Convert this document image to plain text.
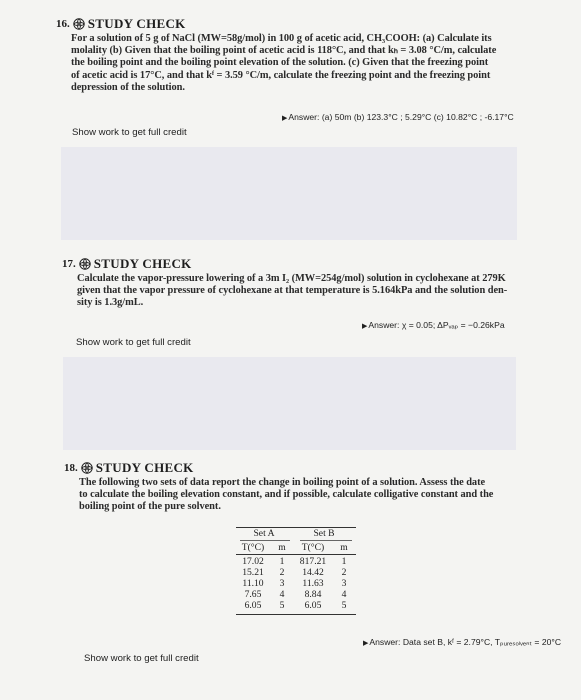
16. STUDY CHECK
For a solution of 5 g of NaCl (MW=58g/mol) in 100 g of acetic acid, CH₃COOH: (a) Calculate its
molality (b) Given that the boiling point of acetic acid is 118°C, and that kₕ = 3.08 °C/m, calculate
the boiling point and the boiling point elevation of the solution. (c) Given that the freezing point
of acetic acid is 17°C, and that kᶠ = 3.59 °C/m, calculate the freezing point and the freezing point
depression of the solution.
▶Answer: (a) 50m (b) 123.3°C ; 5.29°C (c) 10.82°C ; -6.17°C
Show work to get full credit
17. STUDY CHECK
Calculate the vapor-pressure lowering of a 3m I₂ (MW=254g/mol) solution in cyclohexane at 279K
given that the vapor pressure of cyclohexane at that temperature is 5.164kPa and the solution den-
sity is 1.3g/mL.
▶Answer: χ = 0.05; ΔPᵥₐₚ = −0.26kPa
Show work to get full credit
18. STUDY CHECK
The following two sets of data report the change in boiling point of a solution. Assess the date
to calculate the boiling elevation constant, and if possible, calculate colligative constant and the
boiling point of the pure solvent.
Set A	Set B
T(°C)	m	T(°C)	m
17.02	1	817.21	1
15.21	2	14.42	2
11.10	3	11.63	3
7.65	4	8.84	4
6.05	5	6.05	5
▶Answer: Data set B, kᶠ = 2.79°C, Tₚᵤᵣₑₛₒₗᵥₑₙₜ = 20°C
Show work to get full credit
